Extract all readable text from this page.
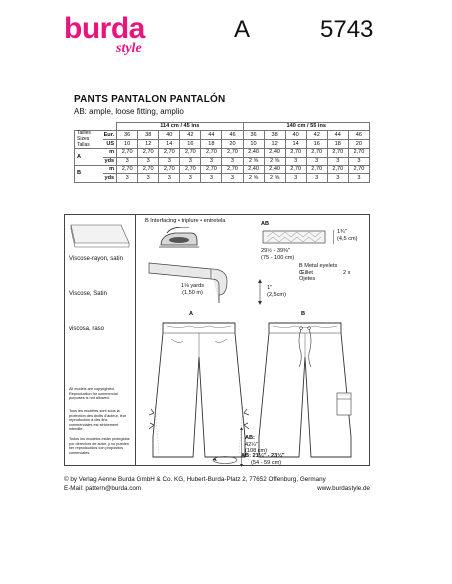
burda
style
A	5743
PANTS PANTALON PANTALÓN
AB: ample, loose fitting, amplio
		114 cm / 45 ins						140 cm / 55 ins					

Tailles
Sizes
Tallas	Eur.	36	38	40	42	44	46	36	38	40	42	44	46
	US	10	12	14	16	18	20	10	12	14	16	18	20
A	m	2,70	2,70	2,70	2,70	2,70	2,70	2,40	2,40	2,70	2,70	2,70	2,70
	yds	3	3	3	3	3	3	2 ⅝	2 ⅝	3	3	3	3
B	m	2,70	2,70	2,70	2,70	2,70	2,70	2,40	2,40	2,70	2,70	2,70	2,70
	yds	3	3	3	3	3	3	2 ⅝	2 ⅝	3	3	3	3
Viscose-rayon, satin
Viscose, Satin
viscosa, raso
All models are copyrighted. Reproduction for commercial purposes is not allowed.
Tous les modèles sont sous la protection des droits d'auteur, leur reproduction à des fins commerciales est strictement interdite.
Todos los modelos están protegidos por derechos de autor, y no pueden ser reproducidos con propósitos comerciales.
B Interfacing • triplure • entretela
1⅛ yards
(1,50 m)
1"
(2,5cm)
AB
29½ - 39⅜"
(75 - 100 cm)
1¾"
(4,5 cm)
B Metal eyelets
Œillet
Ojetes
2 x
A	B
AB:
42¼"
(108 cm)
AB: 21¼" - 23¼"
(54 - 59 cm)
© by Verlag Aenne Burda GmbH & Co. KG, Hubert-Burda-Platz 2, 77652 Offenburg, Germany
E-Mail: pattern@burda.com	www.burdastyle.de
